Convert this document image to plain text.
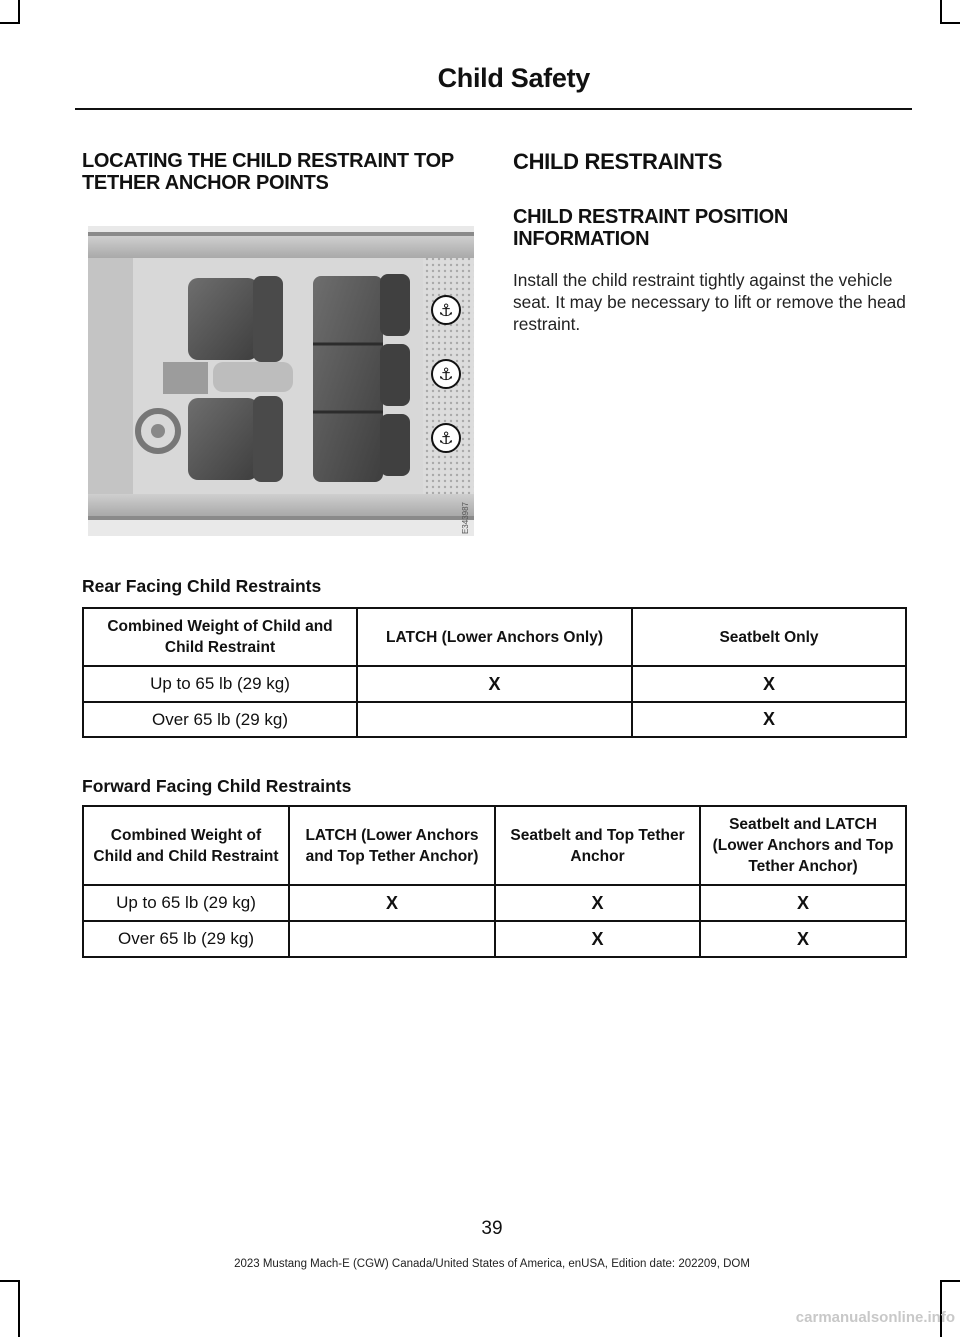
Child Safety
LOCATING THE CHILD RESTRAINT TOP TETHER ANCHOR POINTS
⚓
⚓
⚓
E343987
CHILD RESTRAINTS
CHILD RESTRAINT POSITION INFORMATION
Install the child restraint tightly against the vehicle seat. It may be necessary to lift or remove the head restraint.
Rear Facing Child Restraints
Combined Weight of Child and Child Restraint	LATCH (Lower Anchors Only)	Seatbelt Only
Up to 65 lb (29 kg)	X	X
Over 65 lb (29 kg)		X
Forward Facing Child Restraints
Combined Weight of Child and Child Restraint	LATCH (Lower Anchors and Top Tether Anchor)	Seatbelt and Top Tether Anchor	Seatbelt and LATCH (Lower Anchors and Top Tether Anchor)
Up to 65 lb (29 kg)	X	X	X
Over 65 lb (29 kg)		X	X
39
2023 Mustang Mach-E (CGW) Canada/United States of America, enUSA, Edition date: 202209, DOM
carmanualsonline.info
